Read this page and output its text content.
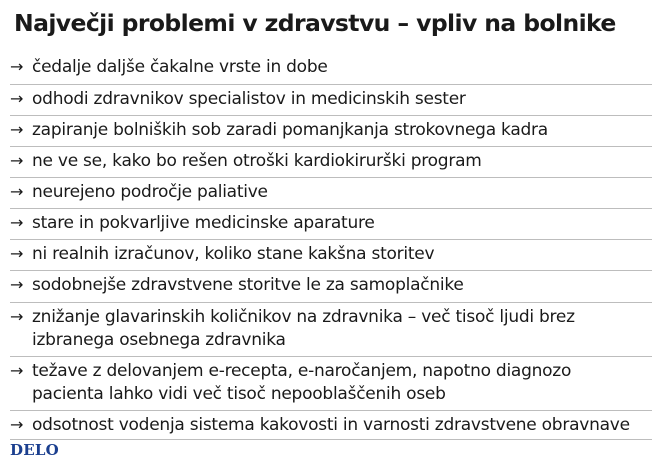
Največji problemi v zdravstvu – vpliv na bolnike
→ čedalje daljše čakalne vrste in dobe
→ odhodi zdravnikov specialistov in medicinskih sester
→ zapiranje bolniških sob zaradi pomanjkanja strokovnega kadra
→ ne ve se, kako bo rešen otroški kardiokirurški program
→ neurejeno področje paliative
→ stare in pokvarljive medicinske aparature
→ ni realnih izračunov, koliko stane kakšna storitev
→ sodobnejše zdravstvene storitve le za samoplačnike
→ znižanje glavarinskih količnikov na zdravnika – več tisoč ljudi brez
izbranega osebnega zdravnika
→ težave z delovanjem e-recepta, e-naročanjem, napotno diagnozo
pacienta lahko vidi več tisoč nepooblaščenih oseb
→ odsotnost vodenja sistema kakovosti in varnosti zdravstvene obravnave
DELO
